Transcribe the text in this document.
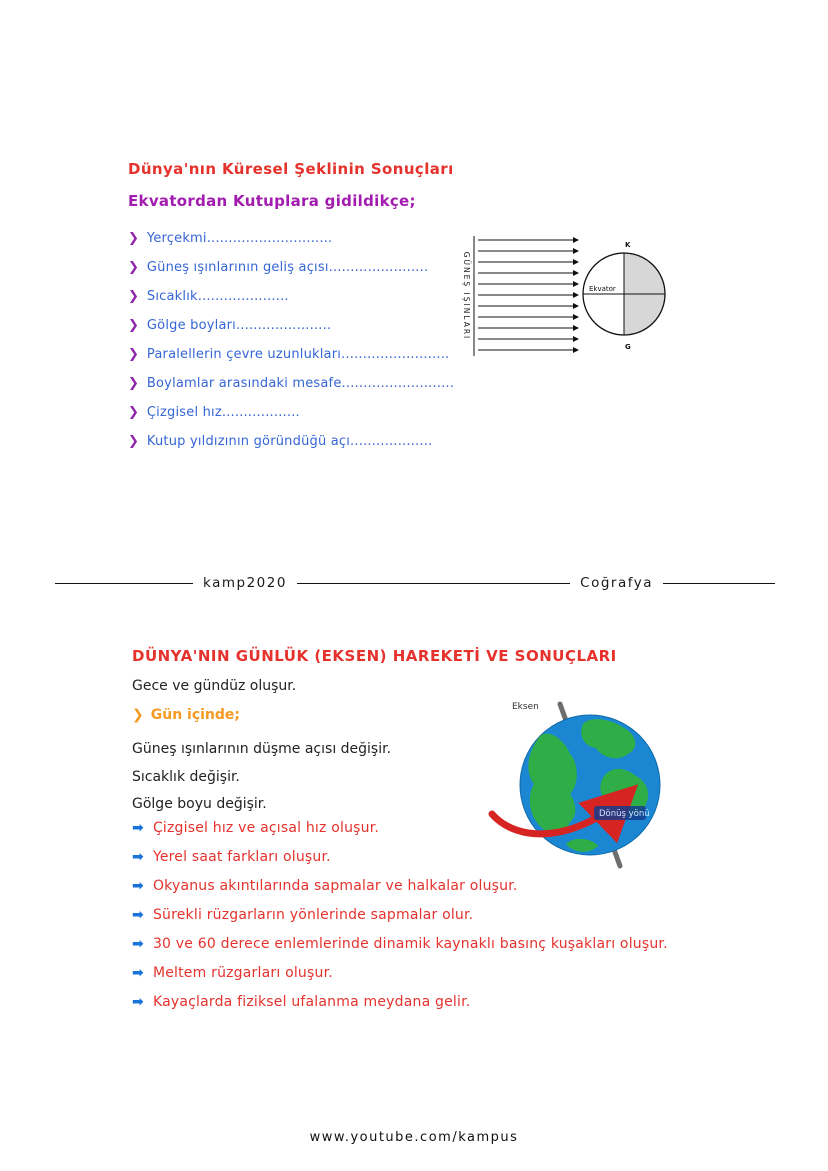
Dünya'nın Küresel Şeklinin Sonuçları
Ekvatordan Kutuplara gidildikçe;
❯ Yerçekmi.............................
❯ Güneş ışınlarının geliş açısı.......................
❯ Sıcaklık.....................
❯ Gölge boyları......................
❯ Paralellerin çevre uzunlukları.........................
❯ Boylamlar arasındaki mesafe..........................
❯ Çizgisel hız..................
❯ Kutup yıldızının göründüğü açı...................
GÜNEŞ IŞINLARI	Ekvator
K
G
kamp2020	Coğrafya
DÜNYA'NIN GÜNLÜK (EKSEN) HAREKETİ VE SONUÇLARI
Gece ve gündüz oluşur.
❯ Gün içinde;
Güneş ışınlarının düşme açısı değişir.
Sıcaklık değişir.
Gölge boyu değişir.
➡ Çizgisel hız ve açısal hız oluşur.
➡ Yerel saat farkları oluşur.
➡ Okyanus akıntılarında sapmalar ve halkalar oluşur.
➡ Sürekli rüzgarların yönlerinde sapmalar olur.
➡ 30 ve 60 derece enlemlerinde dinamik kaynaklı basınç kuşakları oluşur.
➡ Meltem rüzgarları oluşur.
➡ Kayaçlarda fiziksel ufalanma meydana gelir.
Eksen
Dönüş yönü
www.youtube.com/kampus
